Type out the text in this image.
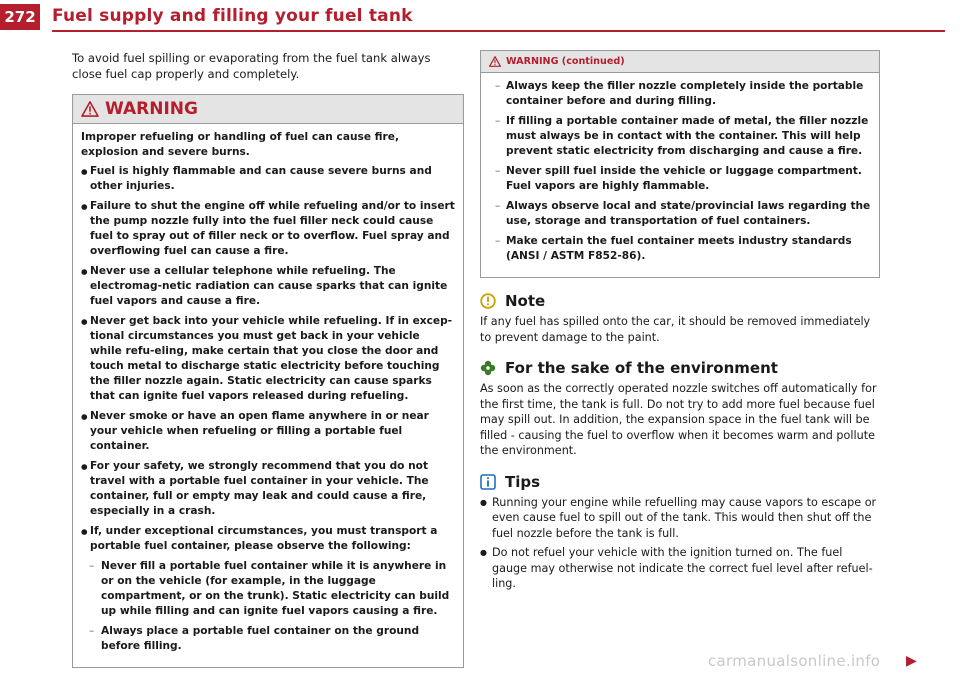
272 Fuel supply and filling your fuel tank

To avoid fuel spilling or evaporating from the fuel tank always close fuel cap properly and completely.

WARNING

Improper refueling or handling of fuel can cause fire, explosion and severe burns.

● Fuel is highly flammable and can cause severe burns and other injuries.
● Failure to shut the engine off while refueling and/or to insert the pump nozzle fully into the fuel filler neck could cause fuel to spray out of filler neck or to overflow. Fuel spray and overflowing fuel can cause a fire.
● Never use a cellular telephone while refueling. The electromag-netic radiation can cause sparks that can ignite fuel vapors and cause a fire.
● Never get back into your vehicle while refueling. If in excep-tional circumstances you must get back in your vehicle while refu-eling, make certain that you close the door and touch metal to discharge static electricity before touching the filler nozzle again. Static electricity can cause sparks that can ignite fuel vapors released during refueling.
● Never smoke or have an open flame anywhere in or near your vehicle when refueling or filling a portable fuel container.
● For your safety, we strongly recommend that you do not travel with a portable fuel container in your vehicle. The container, full or empty may leak and could cause a fire, especially in a crash.
● If, under exceptional circumstances, you must transport a portable fuel container, please observe the following:
– Never fill a portable fuel container while it is anywhere in or on the vehicle (for example, in the luggage compartment, or on the trunk). Static electricity can build up while filling and can ignite fuel vapors causing a fire.
– Always place a portable fuel container on the ground before filling.
WARNING (continued)
– Always keep the filler nozzle completely inside the portable container before and during filling.
– If filling a portable container made of metal, the filler nozzle must always be in contact with the container. This will help prevent static electricity from discharging and cause a fire.
– Never spill fuel inside the vehicle or luggage compartment. Fuel vapors are highly flammable.
– Always observe local and state/provincial laws regarding the use, storage and transportation of fuel containers.
– Make certain the fuel container meets industry standards (ANSI / ASTM F852-86).
Note

If any fuel has spilled onto the car, it should be removed immediately to prevent damage to the paint.

For the sake of the environment

As soon as the correctly operated nozzle switches off automatically for the first time, the tank is full. Do not try to add more fuel because fuel may spill out. In addition, the expansion space in the fuel tank will be filled - causing the fuel to overflow when it becomes warm and pollute the environment.

Tips
● Running your engine while refuelling may cause vapors to escape or even cause fuel to spill out of the tank. This would then shut off the fuel nozzle before the tank is full.
● Do not refuel your vehicle with the ignition turned on. The fuel gauge may otherwise not indicate the correct fuel level after refuel-ling.
▶
carmanualsonline.info
